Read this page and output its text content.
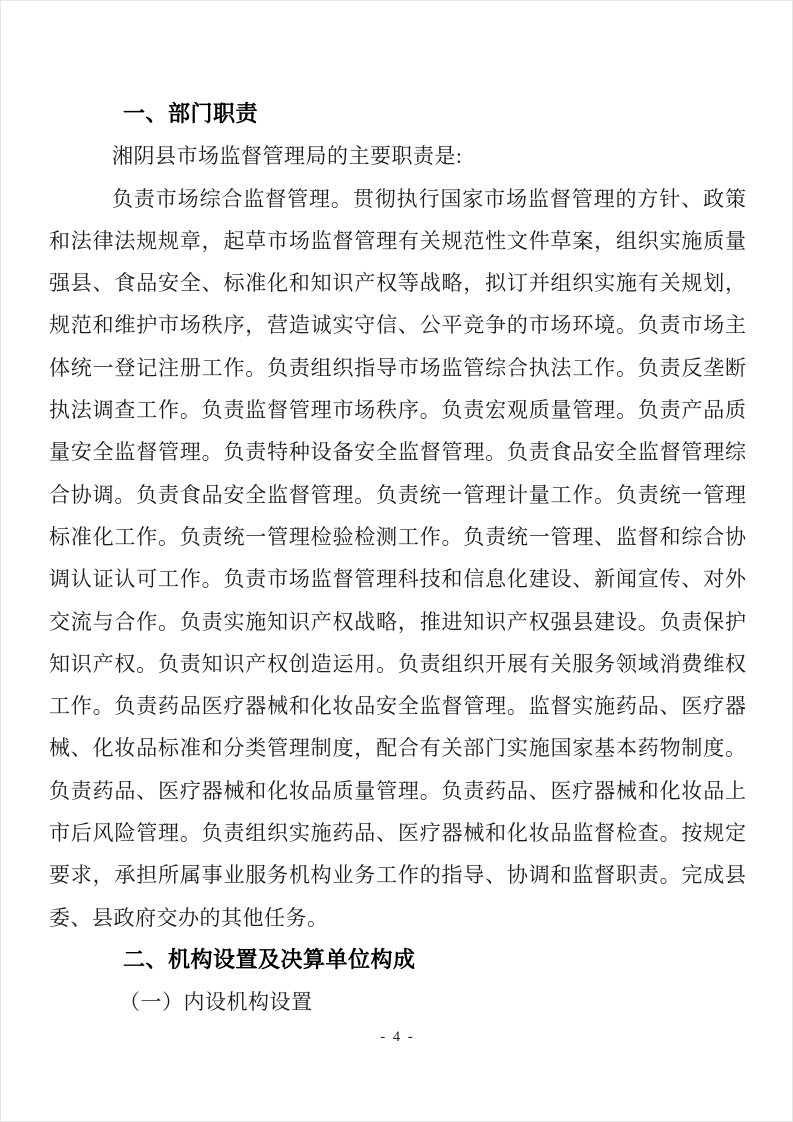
一、部门职责
湘阴县市场监督管理局的主要职责是:
负责市场综合监督管理。贯彻执行国家市场监督管理的方针、政策
和法律法规规章，起草市场监督管理有关规范性文件草案，组织实施质量
强县、食品安全、标准化和知识产权等战略，拟订并组织实施有关规划，
规范和维护市场秩序，营造诚实守信、公平竞争的市场环境。负责市场主
体统一登记注册工作。负责组织指导市场监管综合执法工作。负责反垄断
执法调查工作。负责监督管理市场秩序。负责宏观质量管理。负责产品质
量安全监督管理。负责特种设备安全监督管理。负责食品安全监督管理综
合协调。负责食品安全监督管理。负责统一管理计量工作。负责统一管理
标准化工作。负责统一管理检验检测工作。负责统一管理、监督和综合协
调认证认可工作。负责市场监督管理科技和信息化建设、新闻宣传、对外
交流与合作。负责实施知识产权战略，推进知识产权强县建设。负责保护
知识产权。负责知识产权创造运用。负责组织开展有关服务领域消费维权
工作。负责药品医疗器械和化妆品安全监督管理。监督实施药品、医疗器
械、化妆品标准和分类管理制度，配合有关部门实施国家基本药物制度。
负责药品、医疗器械和化妆品质量管理。负责药品、医疗器械和化妆品上
市后风险管理。负责组织实施药品、医疗器械和化妆品监督检查。按规定
要求，承担所属事业服务机构业务工作的指导、协调和监督职责。完成县
委、县政府交办的其他任务。
二、机构设置及决算单位构成
（一）内设机构设置
- 4 -
